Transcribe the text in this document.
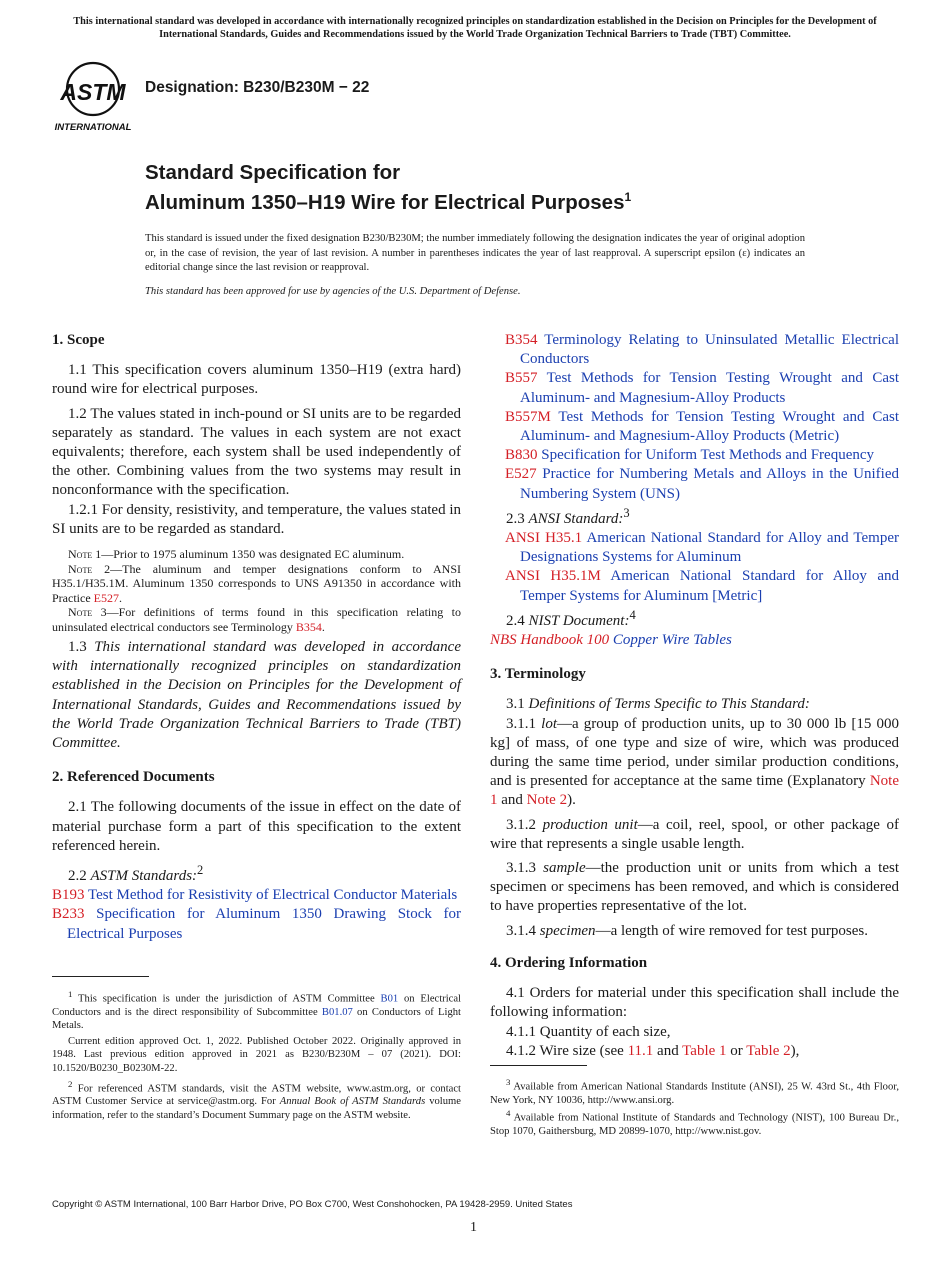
This international standard was developed in accordance with internationally recognized principles on standardization established in the Decision on Principles for the Development of International Standards, Guides and Recommendations issued by the World Trade Organization Technical Barriers to Trade (TBT) Committee.
ASTM
INTERNATIONAL
Designation: B230/B230M − 22
Standard Specification for
Aluminum 1350–H19 Wire for Electrical Purposes$^1$
This standard is issued under the fixed designation B230/B230M; the number immediately following the designation indicates the year of original adoption or, in the case of revision, the year of last revision. A number in parentheses indicates the year of last reapproval. A superscript epsilon (ε) indicates an editorial change since the last revision or reapproval.
This standard has been approved for use by agencies of the U.S. Department of Defense.

1. Scope

1.1 This specification covers aluminum 1350–H19 (extra hard) round wire for electrical purposes.

1.2 The values stated in inch-pound or SI units are to be regarded separately as standard. The values in each system are not exact equivalents; therefore, each system shall be used independently of the other. Combining values from the two systems may result in nonconformance with the specification.

1.2.1 For density, resistivity, and temperature, the values stated in SI units are to be regarded as standard.

Note 1—Prior to 1975 aluminum 1350 was designated EC aluminum.

Note 2—The aluminum and temper designations conform to ANSI H35.1/H35.1M. Aluminum 1350 corresponds to UNS A91350 in accordance with Practice E527.

Note 3—For definitions of terms found in this specification relating to uninsulated electrical conductors see Terminology B354.

1.3 This international standard was developed in accordance with internationally recognized principles on standardization established in the Decision on Principles for the Development of International Standards, Guides and Recommendations issued by the World Trade Organization Technical Barriers to Trade (TBT) Committee.

2. Referenced Documents

2.1 The following documents of the issue in effect on the date of material purchase form a part of this specification to the extent referenced herein.

2.2 ASTM Standards:$^2$

B193 Test Method for Resistivity of Electrical Conductor Materials

B233 Specification for Aluminum 1350 Drawing Stock for Electrical Purposes

B354 Terminology Relating to Uninsulated Metallic Electrical Conductors

B557 Test Methods for Tension Testing Wrought and Cast Aluminum- and Magnesium-Alloy Products

B557M Test Methods for Tension Testing Wrought and Cast Aluminum- and Magnesium-Alloy Products (Metric)

B830 Specification for Uniform Test Methods and Frequency

E527 Practice for Numbering Metals and Alloys in the Unified Numbering System (UNS)

2.3 ANSI Standard:$^3$

ANSI H35.1 American National Standard for Alloy and Temper Designations Systems for Aluminum

ANSI H35.1M American National Standard for Alloy and Temper Systems for Aluminum [Metric]

2.4 NIST Document:$^4$

NBS Handbook 100 Copper Wire Tables

3. Terminology

3.1 Definitions of Terms Specific to This Standard:

3.1.1 lot—a group of production units, up to 30 000 lb [15 000 kg] of mass, of one type and size of wire, which was produced during the same time period, under similar production conditions, and is presented for acceptance at the same time (Explanatory Note 1 and Note 2).

3.1.2 production unit—a coil, reel, spool, or other package of wire that represents a single usable length.

3.1.3 sample—the production unit or units from which a test specimen or specimens has been removed, and which is considered to have properties representative of the lot.

3.1.4 specimen—a length of wire removed for test purposes.

4. Ordering Information

4.1 Orders for material under this specification shall include the following information:

4.1.1 Quantity of each size,

4.1.2 Wire size (see 11.1 and Table 1 or Table 2),

$^1$ This specification is under the jurisdiction of ASTM Committee B01 on Electrical Conductors and is the direct responsibility of Subcommittee B01.07 on Conductors of Light Metals.

Current edition approved Oct. 1, 2022. Published October 2022. Originally approved in 1948. Last previous edition approved in 2021 as B230/B230M – 07 (2021). DOI: 10.1520/B0230_B0230M-22.

$^2$ For referenced ASTM standards, visit the ASTM website, www.astm.org, or contact ASTM Customer Service at service@astm.org. For Annual Book of ASTM Standards volume information, refer to the standard’s Document Summary page on the ASTM website.

$^3$ Available from American National Standards Institute (ANSI), 25 W. 43rd St., 4th Floor, New York, NY 10036, http://www.ansi.org.

$^4$ Available from National Institute of Standards and Technology (NIST), 100 Bureau Dr., Stop 1070, Gaithersburg, MD 20899-1070, http://www.nist.gov.

Copyright © ASTM International, 100 Barr Harbor Drive, PO Box C700, West Conshohocken, PA 19428-2959. United States
1
